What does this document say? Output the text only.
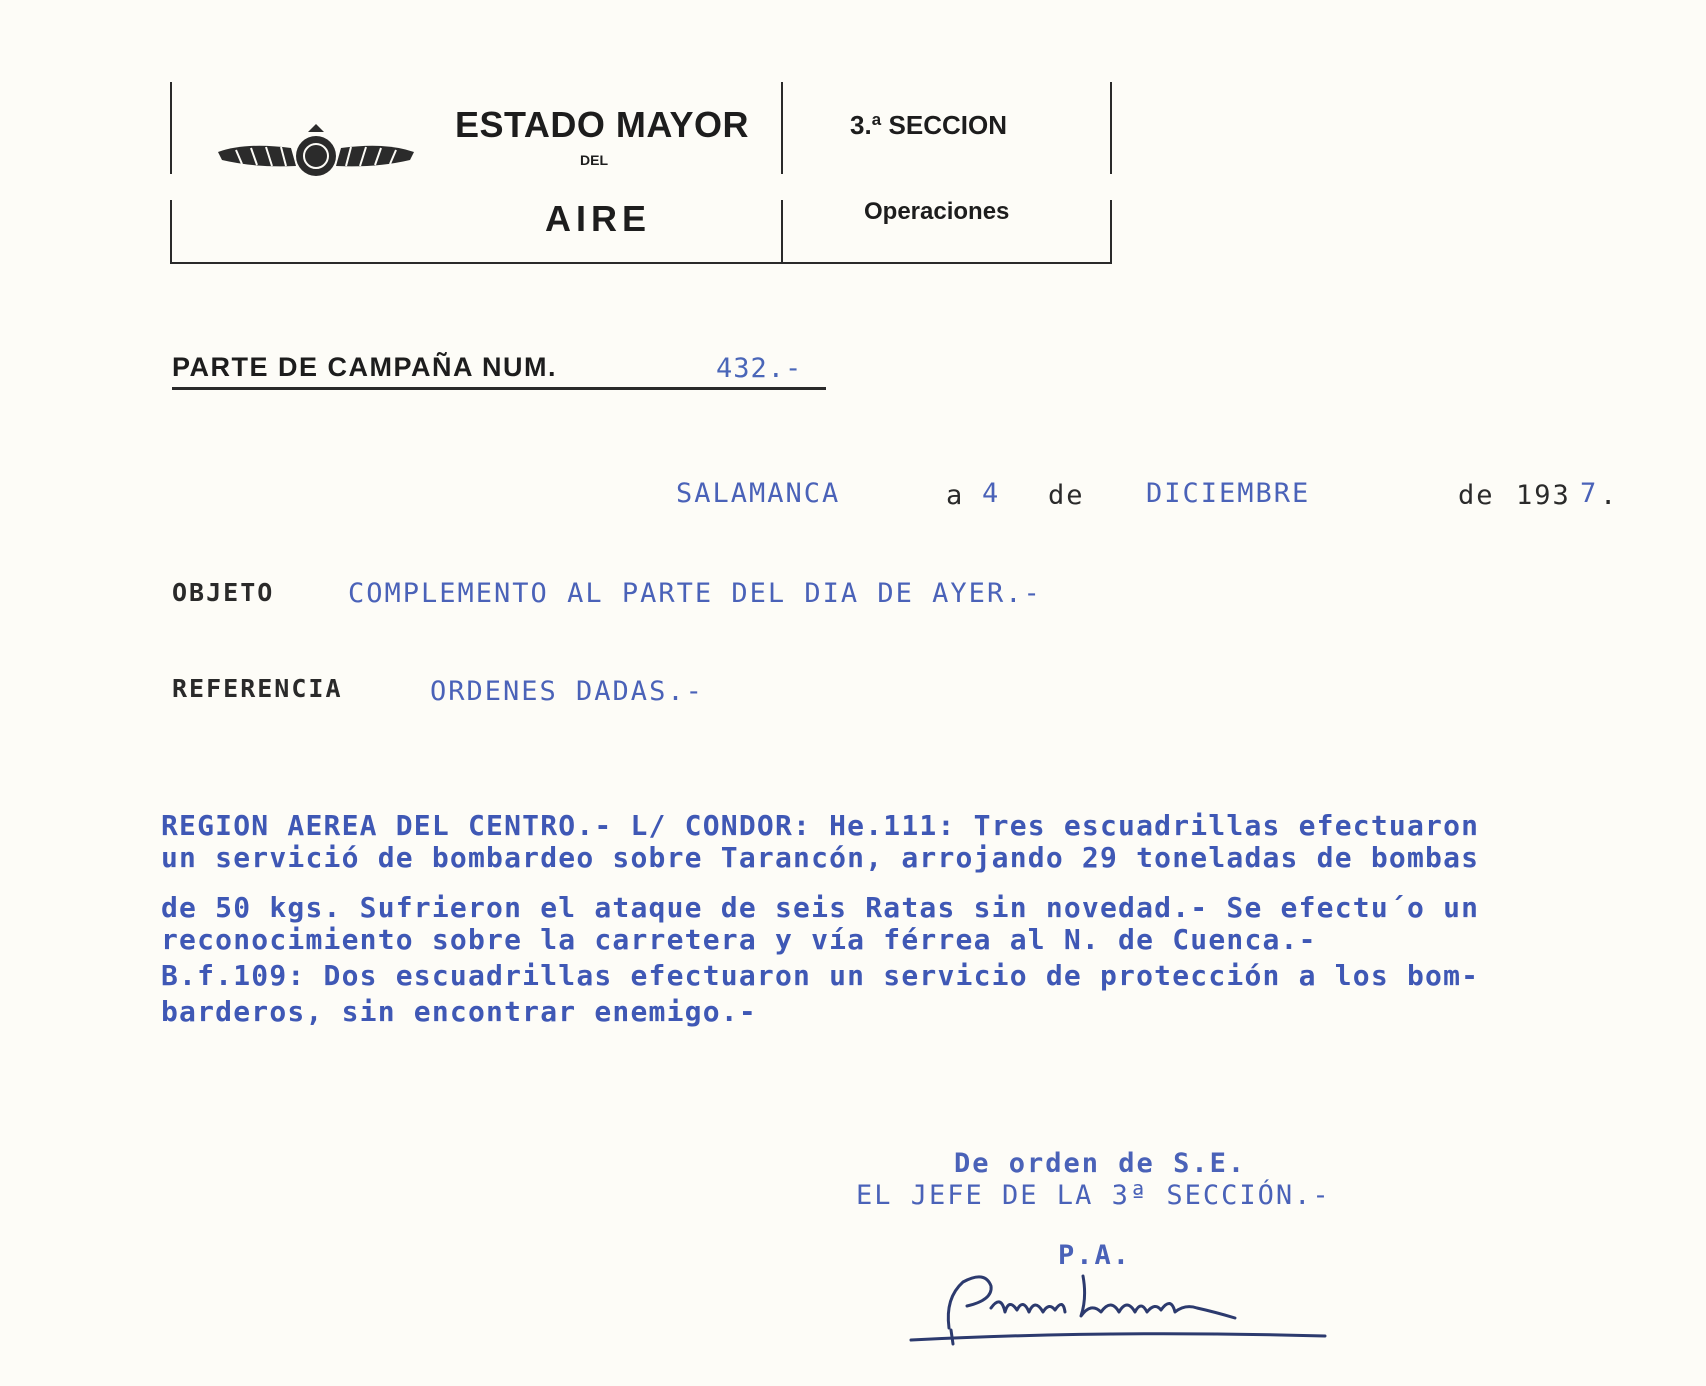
ESTADO MAYOR
DEL
AIRE
3.ª SECCION
Operaciones
PARTE DE CAMPAÑA NUM.	432.-
SALAMANCA	a 4 de DICIEMBRE	de 193 7 .
OBJETO	COMPLEMENTO AL PARTE DEL DIA DE AYER.-
REFERENCIA	ORDENES DADAS.-
REGION AEREA DEL CENTRO.- L/ CONDOR: He.111: Tres escuadrillas efectuaron
un servició de bombardeo sobre Tarancón, arrojando 29 toneladas de bombas
de 50 kgs. Sufrieron el ataque de seis Ratas sin novedad.- Se efectu´o un
reconocimiento sobre la carretera y vía férrea al N. de Cuenca.-
B.f.109: Dos escuadrillas efectuaron un servicio de protección a los bom-
barderos, sin encontrar enemigo.-
De orden de S.E.
EL JEFE DE LA 3ª SECCIÓN.-
P.A.
